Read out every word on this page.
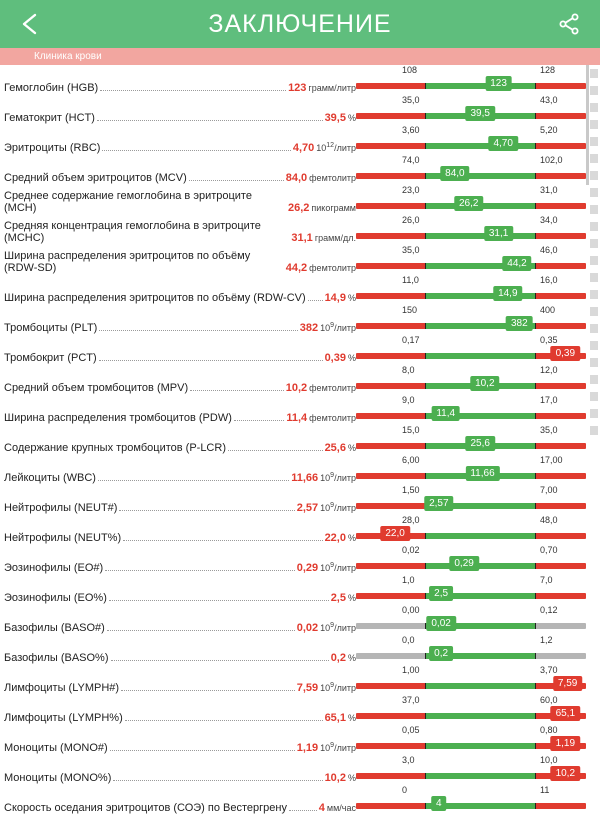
ЗАКЛЮЧЕНИЕ
Клиника крови
Гемоглобин (HGB)	123 грамм/литр
108	128
123
Гематокрит (HCT)	39,5 %
35,0	43,0
39,5
Эритроциты (RBC)	4,70 $10^{12}$/литр
3,60	5,20
4,70
Средний объем эритроцитов (MCV)	84,0 фемтолитр
74,0	102,0
84,0
Среднее содержание гемоглобина в эритроците (MCH)	26,2 пикограмм
23,0	31,0
26,2
Средняя концентрация гемоглобина в эритроците (MCHC)	31,1 грамм/дл.
26,0	34,0
31,1
Ширина распределения эритроцитов по объёму (RDW-SD)	44,2 фемтолитр
35,0	46,0
44,2
Ширина распределения эритроцитов по объёму (RDW-CV) 14,9 %
11,0	16,0
14,9
Тромбоциты (PLT)	382 $10^9$/литр
150	400
382
Тромбокрит (PCT)	0,39 %
0,17	0,35
0,39
Средний объем тромбоцитов (MPV)	10,2 фемтолитр
8,0	12,0
10,2
Ширина распределения тромбоцитов (PDW)	11,4 фемтолитр
9,0	17,0
11,4
Содержание крупных тромбоцитов (P-LCR)	25,6 %
15,0	35,0
25,6
Лейкоциты (WBC)	11,66 $10^9$/литр
6,00	17,00
11,66
Нейтрофилы (NEUT#)	2,57 $10^9$/литр
1,50	7,00
2,57
Нейтрофилы (NEUT%)	22,0 %
28,0	48,0
22,0
Эозинофилы (EO#)	0,29 $10^9$/литр
0,02	0,70
0,29
Эозинофилы (EO%)	2,5 %
1,0	7,0
2,5
Базофилы (BASO#)	0,02 $10^9$/литр
0,00	0,12
0,02
Базофилы (BASO%)	0,2 %
0,0	1,2
0,2
Лимфоциты (LYMPH#)	7,59 $10^9$/литр
1,00	3,70
7,59
Лимфоциты (LYMPH%)	65,1 %
37,0	60,0
65,1
Моноциты (MONO#)	1,19 $10^9$/литр
0,05	0,80
1,19
Моноциты (MONO%)	10,2 %
3,0	10,0
10,2
Скорость оседания эритроцитов (СОЭ) по Вестергрену	4 мм/час
0	11
4
